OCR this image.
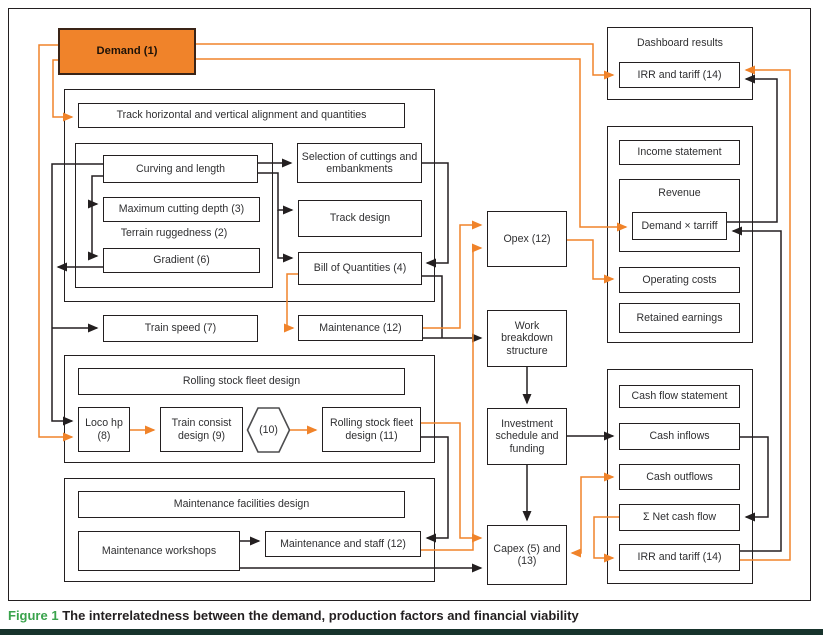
Demand (1)
Track horizontal and vertical alignment and quantities
Curving and length
Maximum cutting depth (3)
Terrain ruggedness (2)
Gradient (6)
Selection of cuttings and embankments
Track design
Bill of Quantities (4)
Train speed (7)	Maintenance (12)
Rolling stock fleet design
Loco hp (8)
Train consist design (9)	(10)
Rolling stock fleet design (11)
Maintenance facilities design
Maintenance workshops
Maintenance and staff (12)
Opex (12)
Work breakdown structure
Investment schedule and funding
Capex (5) and (13)
Dashboard results
IRR and tariff (14)
Income statement
Revenue
Demand × tarriff
Operating costs
Retained earnings
Cash flow statement
Cash inflows
Cash outflows
Σ Net cash flow
IRR and tariff (14)
Figure 1 The interrelatedness between the demand, production factors and financial viability
